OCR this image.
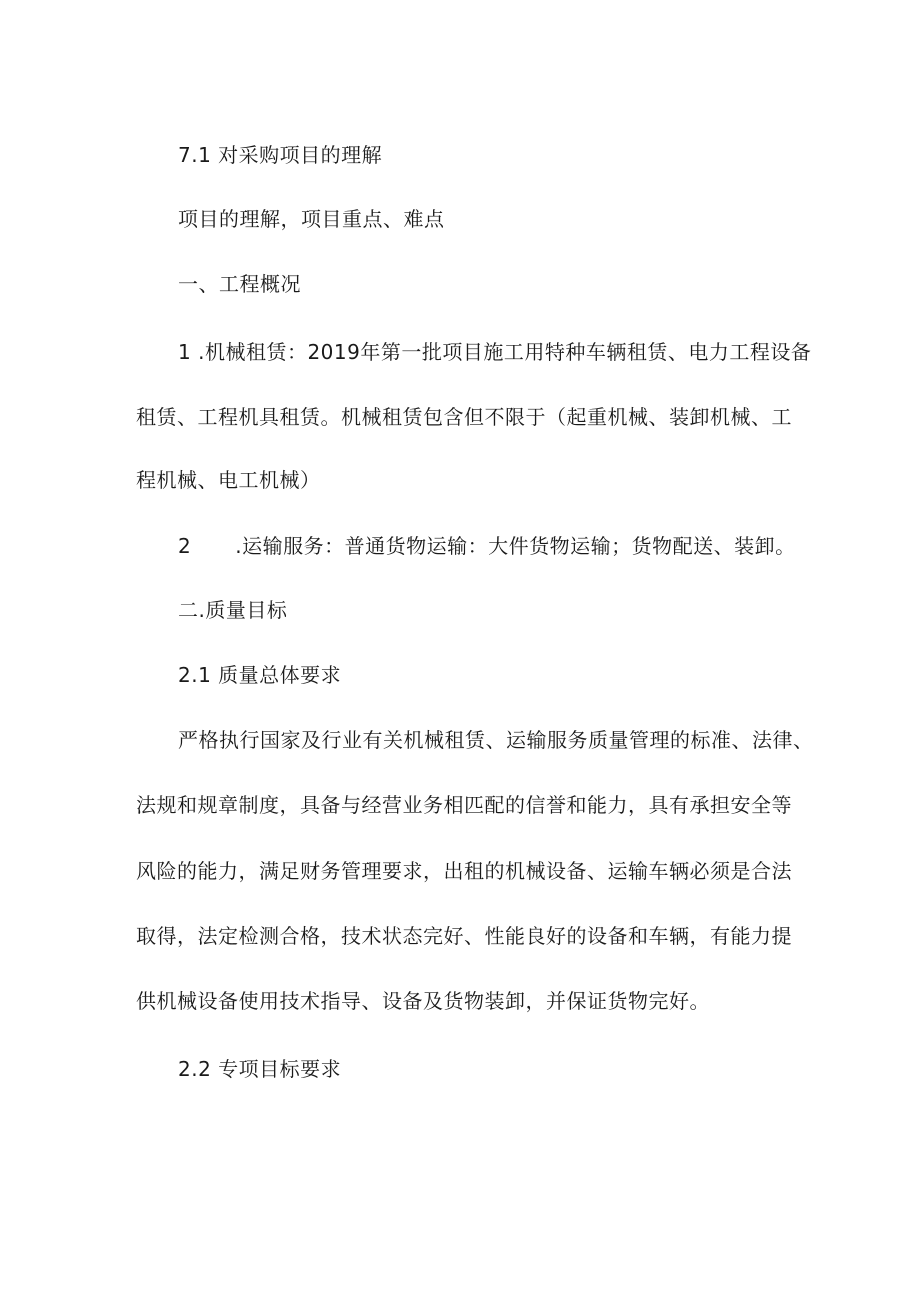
7.1 对采购项目的理解
项目的理解，项目重点、难点
一、工程概况
1 .机械租赁：2019年第一批项目施工用特种车辆租赁、电力工程设备
租赁、工程机具租赁。机械租赁包含但不限于（起重机械、装卸机械、工
程机械、电工机械）
2 .运输服务：普通货物运输：大件货物运输；货物配送、装卸。
二.质量目标
2.1 质量总体要求
严格执行国家及行业有关机械租赁、运输服务质量管理的标准、法律、
法规和规章制度，具备与经营业务相匹配的信誉和能力，具有承担安全等
风险的能力，满足财务管理要求，出租的机械设备、运输车辆必须是合法
取得，法定检测合格，技术状态完好、性能良好的设备和车辆，有能力提
供机械设备使用技术指导、设备及货物装卸，并保证货物完好。
2.2 专项目标要求
